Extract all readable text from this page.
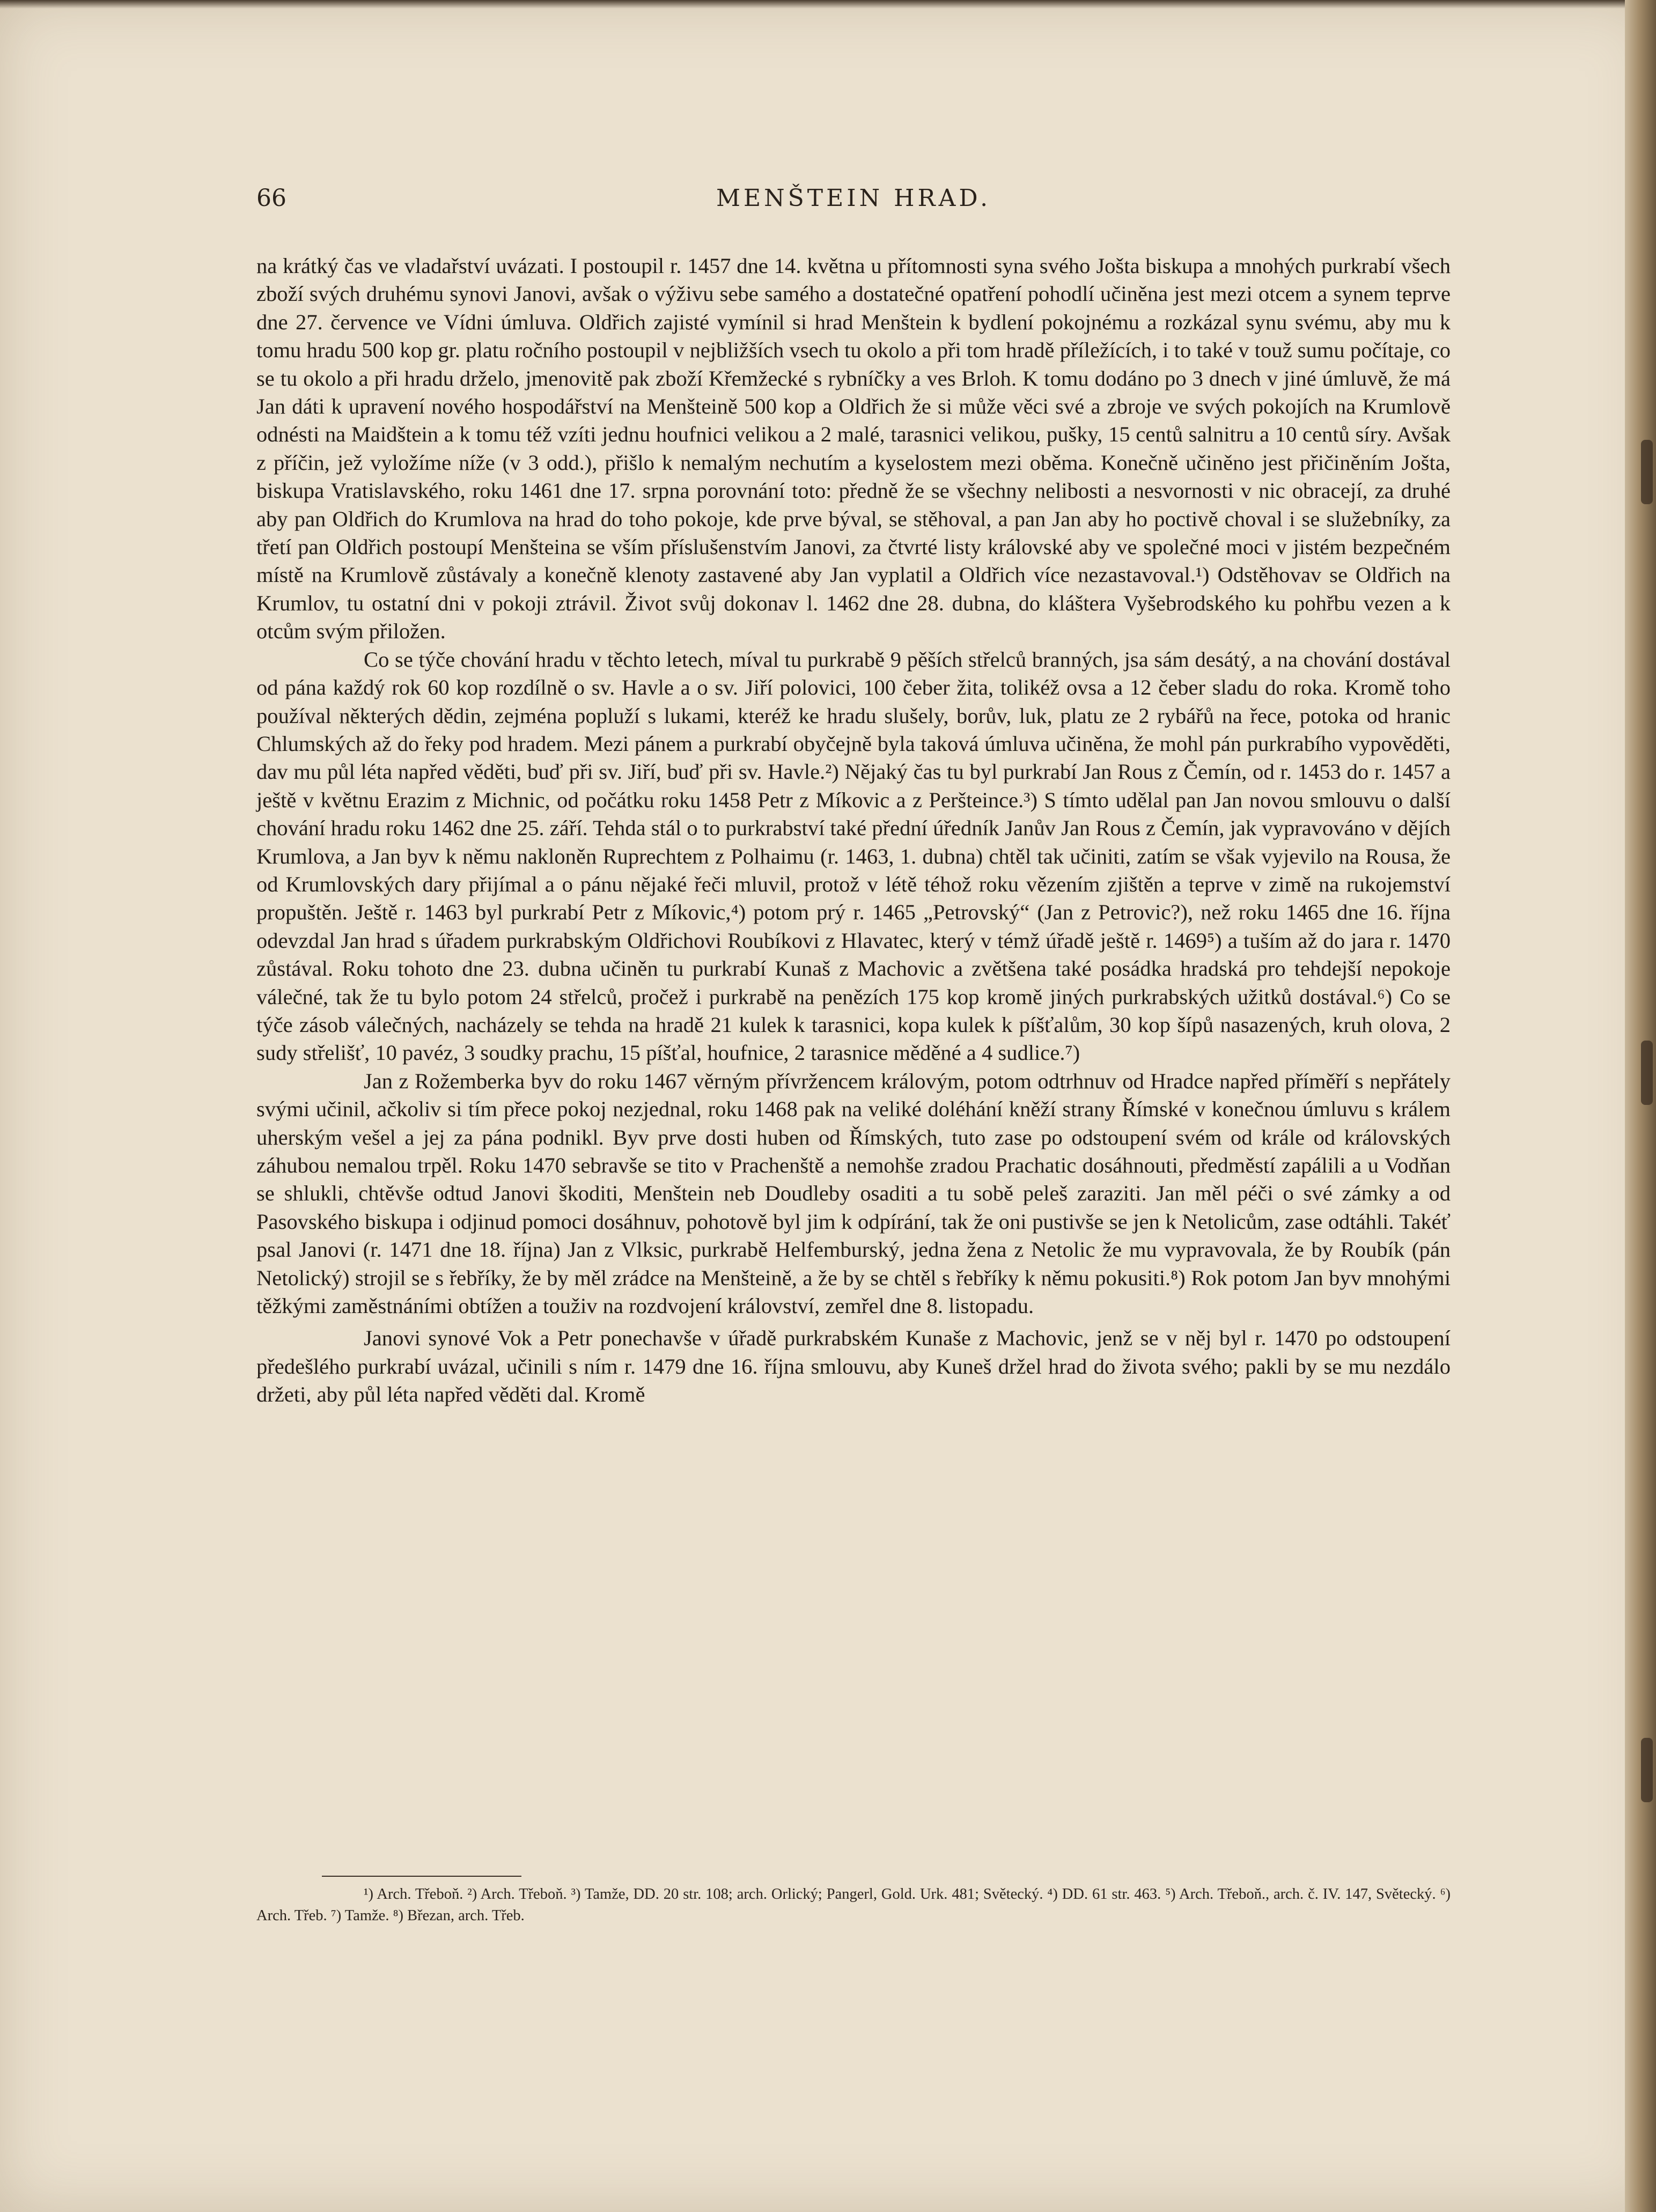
66	MENŠTEIN HRAD.

na krátký čas ve vladařství uvázati. I postoupil r. 1457 dne 14. května u přítomnosti syna svého Jošta biskupa a mnohých purkrabí všech zboží svých druhému synovi Janovi, avšak o výživu sebe samého a dostatečné opatření pohodlí učiněna jest mezi otcem a synem teprve dne 27. července ve Vídni úmluva. Oldřich zajisté vymínil si hrad Menštein k bydlení pokojnému a rozkázal synu svému, aby mu k tomu hradu 500 kop gr. platu ročního postoupil v nejbližších vsech tu okolo a při tom hradě příležících, i to také v touž sumu počítaje, co se tu okolo a při hradu drželo, jmenovitě pak zboží Křemžecké s rybníčky a ves Brloh. K tomu dodáno po 3 dnech v jiné úmluvě, že má Jan dáti k upravení nového hospodářství na Menšteině 500 kop a Oldřich že si může věci své a zbroje ve svých pokojích na Krumlově odnésti na Maidštein a k tomu též vzíti jednu houfnici velikou a 2 malé, tarasnici velikou, pušky, 15 centů salnitru a 10 centů síry. Avšak z příčin, jež vyložíme níže (v 3 odd.), přišlo k nemalým nechutím a kyselostem mezi oběma. Konečně učiněno jest přičiněním Jošta, biskupa Vratislavského, roku 1461 dne 17. srpna porovnání toto: předně že se všechny nelibosti a nesvornosti v nic obracejí, za druhé aby pan Oldřich do Krumlova na hrad do toho pokoje, kde prve býval, se stěhoval, a pan Jan aby ho poctivě choval i se služebníky, za třetí pan Oldřich postoupí Menšteina se vším příslušenstvím Janovi, za čtvrté listy královské aby ve společné moci v jistém bezpečném místě na Krumlově zůstávaly a konečně klenoty zastavené aby Jan vyplatil a Oldřich více nezastavoval.¹) Odstěhovav se Oldřich na Krumlov, tu ostatní dni v pokoji ztrávil. Život svůj dokonav l. 1462 dne 28. dubna, do kláštera Vyšebrodského ku pohřbu vezen a k otcům svým přiložen.

Co se týče chování hradu v těchto letech, míval tu purkrabě 9 pěších střelců branných, jsa sám desátý, a na chování dostával od pána každý rok 60 kop rozdílně o sv. Havle a o sv. Jiří polovici, 100 čeber žita, tolikéž ovsa a 12 čeber sladu do roka. Kromě toho používal některých dědin, zejména popluží s lukami, kteréž ke hradu slušely, borův, luk, platu ze 2 rybářů na řece, potoka od hranic Chlumských až do řeky pod hradem. Mezi pánem a purkrabí obyčejně byla taková úmluva učiněna, že mohl pán purkrabího vypověděti, dav mu půl léta napřed věděti, buď při sv. Jiří, buď při sv. Havle.²) Nějaký čas tu byl purkrabí Jan Rous z Čemín, od r. 1453 do r. 1457 a ještě v květnu Erazim z Michnic, od počátku roku 1458 Petr z Míkovic a z Peršteince.³) S tímto udělal pan Jan novou smlouvu o další chování hradu roku 1462 dne 25. září. Tehda stál o to purkrabství také přední úředník Janův Jan Rous z Čemín, jak vypravováno v dějích Krumlova, a Jan byv k němu nakloněn Ruprechtem z Polhaimu (r. 1463, 1. dubna) chtěl tak učiniti, zatím se však vyjevilo na Rousa, že od Krumlovských dary přijímal a o pánu nějaké řeči mluvil, protož v létě téhož roku vězením zjištěn a teprve v zimě na rukojemství propuštěn. Ještě r. 1463 byl purkrabí Petr z Míkovic,⁴) potom prý r. 1465 „Petrovský“ (Jan z Petrovic?), než roku 1465 dne 16. října odevzdal Jan hrad s úřadem purkrabským Oldřichovi Roubíkovi z Hlavatec, který v témž úřadě ještě r. 1469⁵) a tuším až do jara r. 1470 zůstával. Roku tohoto dne 23. dubna učiněn tu purkrabí Kunaš z Machovic a zvětšena také posádka hradská pro tehdejší nepokoje válečné, tak že tu bylo potom 24 střelců, pročež i purkrabě na penězích 175 kop kromě jiných purkrabských užitků dostával.⁶) Co se týče zásob válečných, nacházely se tehda na hradě 21 kulek k tarasnici, kopa kulek k píšťalům, 30 kop šípů nasazených, kruh olova, 2 sudy střelišť, 10 pavéz, 3 soudky prachu, 15 píšťal, houfnice, 2 tarasnice měděné a 4 sudlice.⁷)

Jan z Rožemberka byv do roku 1467 věrným přívržencem královým, potom odtrhnuv od Hradce napřed příměří s nepřátely svými učinil, ačkoliv si tím přece pokoj nezjednal, roku 1468 pak na veliké doléhání kněží strany Římské v konečnou úmluvu s králem uherským vešel a jej za pána podnikl. Byv prve dosti huben od Římských, tuto zase po odstoupení svém od krále od královských záhubou nemalou trpěl. Roku 1470 sebravše se tito v Prachenště a nemohše zradou Prachatic dosáhnouti, předměstí zapálili a u Vodňan se shlukli, chtěvše odtud Janovi škoditi, Menštein neb Doudleby osaditi a tu sobě peleš zaraziti. Jan měl péči o své zámky a od Pasovského biskupa i odjinud pomoci dosáhnuv, pohotově byl jim k odpírání, tak že oni pustivše se jen k Netolicům, zase odtáhli. Takéť psal Janovi (r. 1471 dne 18. října) Jan z Vlksic, purkrabě Helfemburský, jedna žena z Netolic že mu vypravovala, že by Roubík (pán Netolický) strojil se s řebříky, že by měl zrádce na Menšteině, a že by se chtěl s řebříky k němu pokusiti.⁸) Rok potom Jan byv mnohými těžkými zaměstnáními obtížen a touživ na rozdvojení království, zemřel dne 8. listopadu.

Janovi synové Vok a Petr ponechavše v úřadě purkrabském Kunaše z Machovic, jenž se v něj byl r. 1470 po odstoupení předešlého purkrabí uvázal, učinili s ním r. 1479 dne 16. října smlouvu, aby Kuneš držel hrad do života svého; pakli by se mu nezdálo držeti, aby půl léta napřed věděti dal. Kromě

¹) Arch. Třeboň. ²) Arch. Třeboň. ³) Tamže, DD. 20 str. 108; arch. Orlický; Pangerl, Gold. Urk. 481; Světecký. ⁴) DD. 61 str. 463. ⁵) Arch. Třeboň., arch. č. IV. 147, Světecký. ⁶) Arch. Třeb. ⁷) Tamže. ⁸) Březan, arch. Třeb.
